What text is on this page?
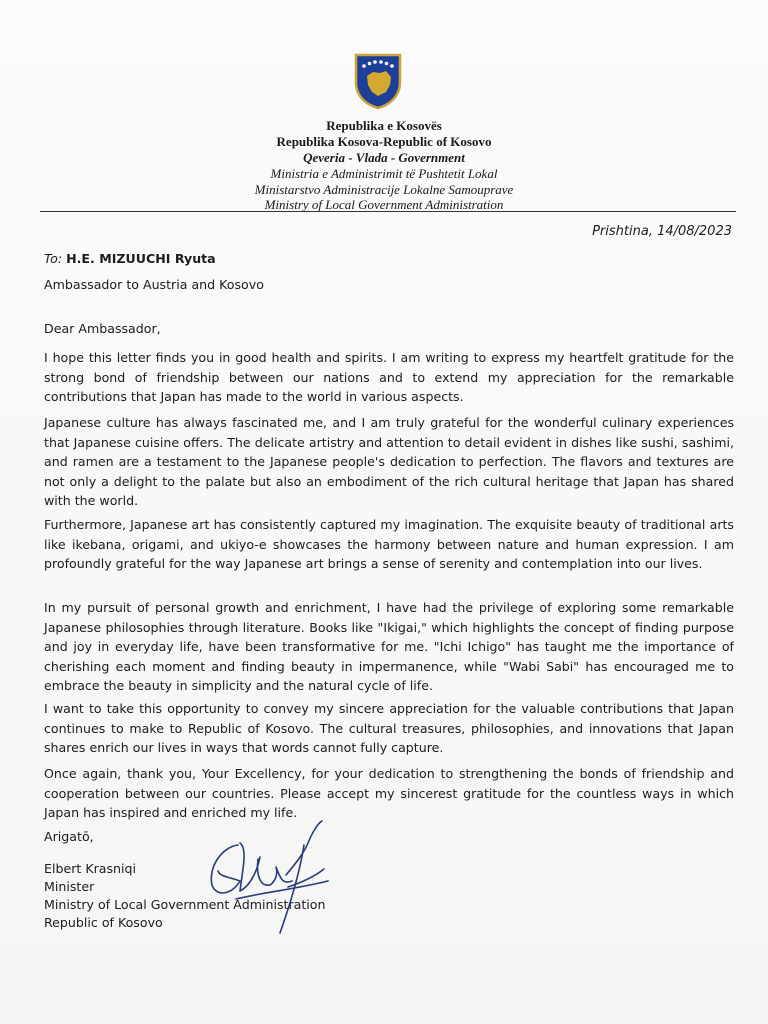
Republika e Kosovës
Republika Kosova-Republic of Kosovo
Qeveria - Vlada - Government
Ministria e Administrimit të Pushtetit Lokal
Ministarstvo Administracije Lokalne Samouprave
Ministry of Local Government Administration
Prishtina, 14/08/2023
To: H.E. MIZUUCHI Ryuta
Ambassador to Austria and Kosovo
Dear Ambassador,

I hope this letter finds you in good health and spirits. I am writing to express my heartfelt gratitude for the strong bond of friendship between our nations and to extend my appreciation for the remarkable contributions that Japan has made to the world in various aspects.

Japanese culture has always fascinated me, and I am truly grateful for the wonderful culinary experiences that Japanese cuisine offers. The delicate artistry and attention to detail evident in dishes like sushi, sashimi, and ramen are a testament to the Japanese people's dedication to perfection. The flavors and textures are not only a delight to the palate but also an embodiment of the rich cultural heritage that Japan has shared with the world.

Furthermore, Japanese art has consistently captured my imagination. The exquisite beauty of traditional arts like ikebana, origami, and ukiyo-e showcases the harmony between nature and human expression. I am profoundly grateful for the way Japanese art brings a sense of serenity and contemplation into our lives.

In my pursuit of personal growth and enrichment, I have had the privilege of exploring some remarkable Japanese philosophies through literature. Books like "Ikigai," which highlights the concept of finding purpose and joy in everyday life, have been transformative for me. "Ichi Ichigo" has taught me the importance of cherishing each moment and finding beauty in impermanence, while "Wabi Sabi" has encouraged me to embrace the beauty in simplicity and the natural cycle of life.

I want to take this opportunity to convey my sincere appreciation for the valuable contributions that Japan continues to make to Republic of Kosovo. The cultural treasures, philosophies, and innovations that Japan shares enrich our lives in ways that words cannot fully capture.

Once again, thank you, Your Excellency, for your dedication to strengthening the bonds of friendship and cooperation between our countries. Please accept my sincerest gratitude for the countless ways in which Japan has inspired and enriched my life.

Arigatō,
Elbert Krasniqi
Minister
Ministry of Local Government Administration
Republic of Kosovo
